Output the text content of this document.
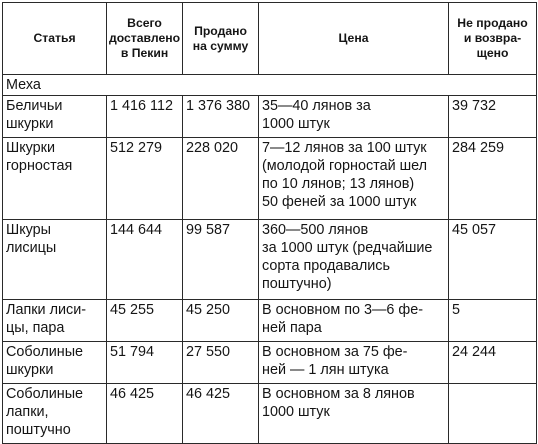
Статья	Всего
доставлено
в Пекин	Продано
на сумму	Цена	Не продано
и возвра-
щено

Меха				

Беличьи
шкурки	1 416 112	1 376 380	35—40 лянов за
1000 штук	39 732

Шкурки
горностая	512 279	228 020	7—12 лянов за 100 штук
(молодой горностай шел
по 10 лянов; 13 лянов)
50 феней за 1000 штук	284 259

Шкуры
лисицы	144 644	99 587	360—500 лянов
за 1000 штук (редчайшие
сорта продавались
поштучно)	45 057

Лапки лиси-
цы, пара	45 255	45 250	В основном по 3—6 фе-
ней пара	5

Соболиные
шкурки	51 794	27 550	В основном за 75 фе-
ней — 1 лян штука	24 244

Соболиные
лапки,
поштучно	46 425	46 425	В основном за 8 лянов
1000 штук	
